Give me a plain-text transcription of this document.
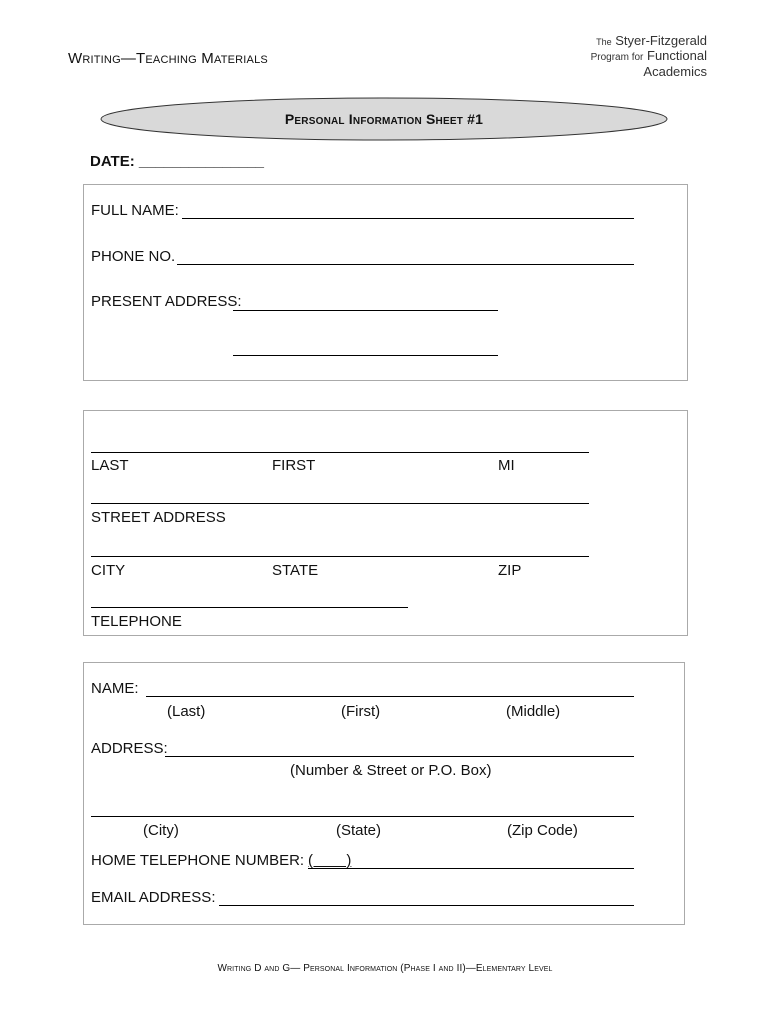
Writing—Teaching Materials
The Styer-Fitzgerald
Program for Functional
Academics
Personal Information Sheet #1
DATE: _______________
FULL NAME:
PHONE NO.
PRESENT ADDRESS:
LAST	FIRST	MI
STREET ADDRESS
CITY	STATE	ZIP
TELEPHONE
NAME:
(Last)	(First)	(Middle)
ADDRESS:
(Number & Street or P.O. Box)
(City)	(State)	(Zip Code)
HOME TELEPHONE NUMBER: (        )
EMAIL ADDRESS:
Writing D and G— Personal Information (Phase I and II)—Elementary Level
